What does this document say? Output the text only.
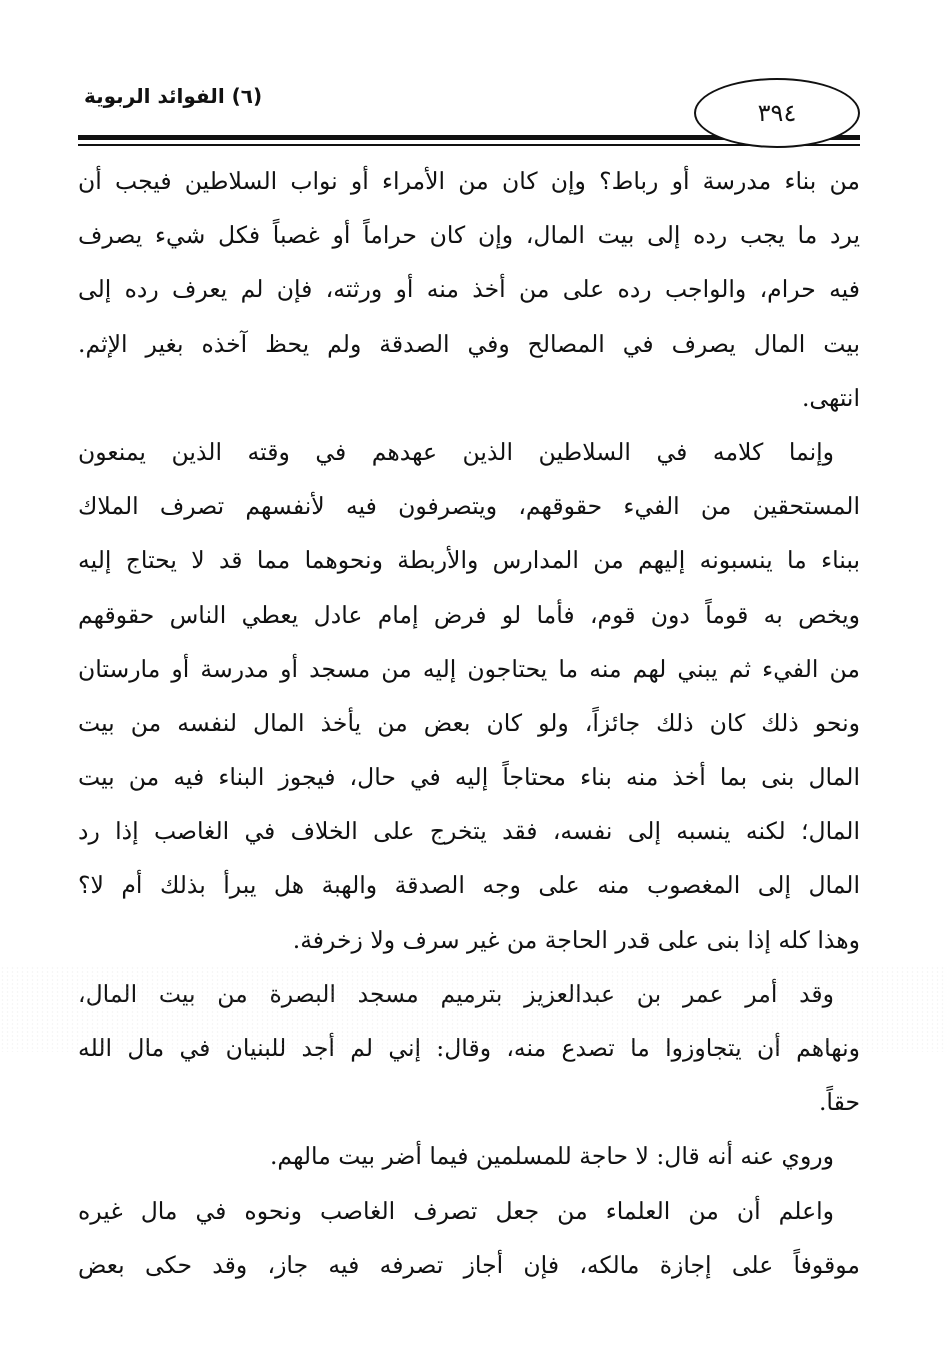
(٦) الفوائد الربوية
٣٩٤
من بناء مدرسة أو رباط؟ وإن كان من الأمراء أو نواب السلاطين فيجب أن
يرد ما يجب رده إلى بيت المال، وإن كان حراماً أو غصباً فكل شيء يصرف
فيه حرام، والواجب رده على من أخذ منه أو ورثته، فإن لم يعرف رده إلى
بيت المال يصرف في المصالح وفي الصدقة ولم يحظ آخذه بغير الإثم.
انتهى.
وإنما كلامه في السلاطين الذين عهدهم في وقته الذين يمنعون
المستحقين من الفيء حقوقهم، ويتصرفون فيه لأنفسهم تصرف الملاك
ببناء ما ينسبونه إليهم من المدارس والأربطة ونحوهما مما قد لا يحتاج إليه
ويخص به قوماً دون قوم، فأما لو فرض إمام عادل يعطي الناس حقوقهم
من الفيء ثم يبني لهم منه ما يحتاجون إليه من مسجد أو مدرسة أو مارستان
ونحو ذلك كان ذلك جائزاً، ولو كان بعض من يأخذ المال لنفسه من بيت
المال بنى بما أخذ منه بناء محتاجاً إليه في حال، فيجوز البناء فيه من بيت
المال؛ لكنه ينسبه إلى نفسه، فقد يتخرج على الخلاف في الغاصب إذا رد
المال إلى المغصوب منه على وجه الصدقة والهبة هل يبرأ بذلك أم لا؟
وهذا كله إذا بنى على قدر الحاجة من غير سرف ولا زخرفة.
وقد أمر عمر بن عبدالعزيز بترميم مسجد البصرة من بيت المال،
ونهاهم أن يتجاوزوا ما تصدع منه، وقال: إني لم أجد للبنيان في مال الله
حقاً.
وروي عنه أنه قال: لا حاجة للمسلمين فيما أضر بيت مالهم.
واعلم أن من العلماء من جعل تصرف الغاصب ونحوه في مال غيره
موقوفاً على إجازة مالكه، فإن أجاز تصرفه فيه جاز، وقد حكى بعض
